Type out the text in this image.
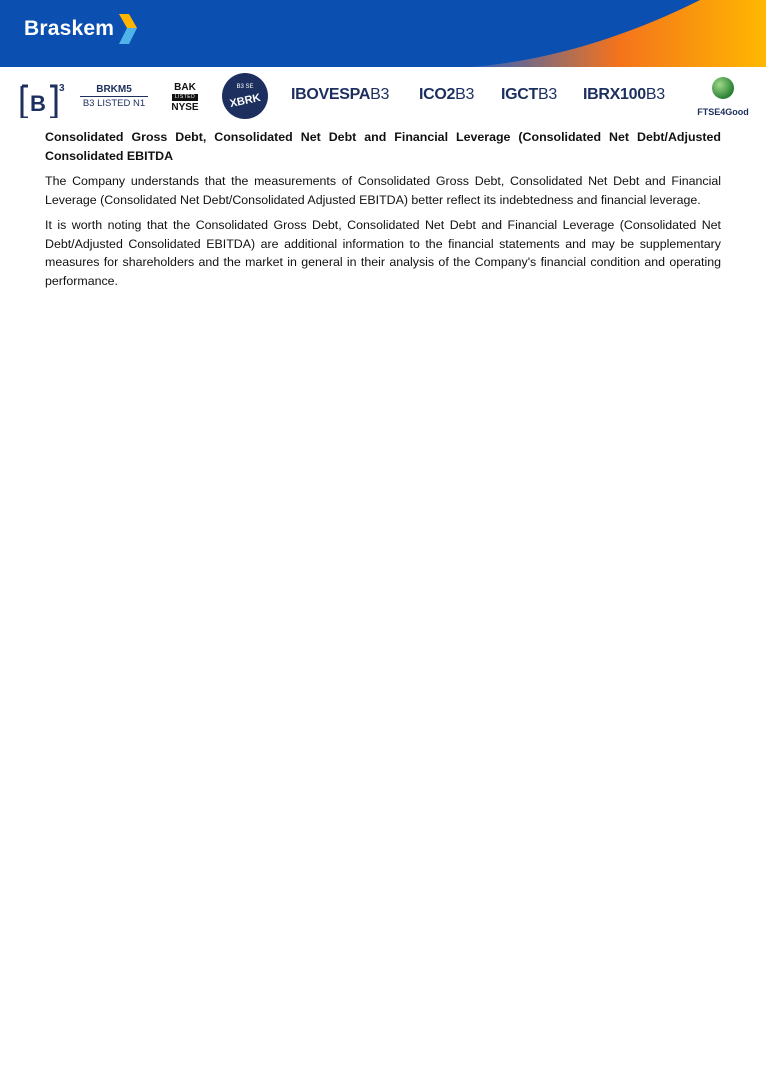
Braskem
B
3	BRKM5
B3 LISTED N1
BAK
LISTED
NYSE
B3 SE
XBRK IBOVESPAB3 ICO2B3 IGCTB3 IBRX100B3
FTSE4Good
Consolidated Gross Debt, Consolidated Net Debt and Financial Leverage (Consolidated Net Debt/Adjusted Consolidated EBITDA

The Company understands that the measurements of Consolidated Gross Debt, Consolidated Net Debt and Financial Leverage (Consolidated Net Debt/Consolidated Adjusted EBITDA) better reflect its indebtedness and financial leverage.

It is worth noting that the Consolidated Gross Debt, Consolidated Net Debt and Financial Leverage (Consolidated Net Debt/Adjusted Consolidated EBITDA) are additional information to the financial statements and may be supplementary measures for shareholders and the market in general in their analysis of the Company's financial condition and operating performance.
